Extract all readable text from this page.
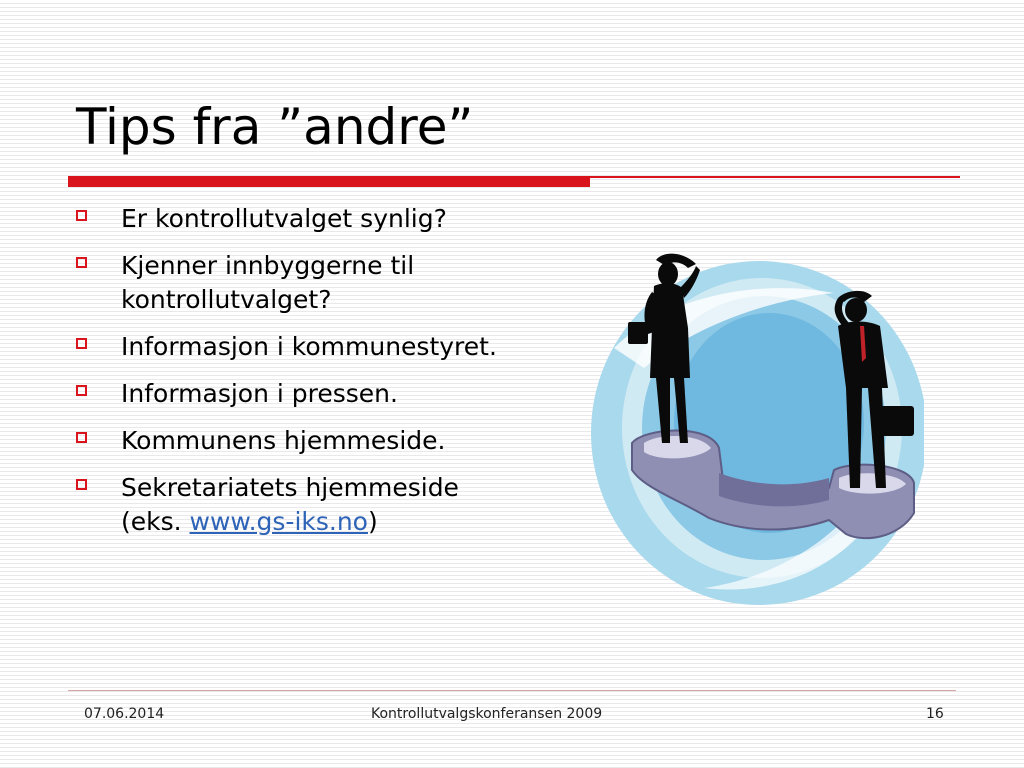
Tips fra ”andre”
Er kontrollutvalget synlig?
Kjenner innbyggerne til kontrollutvalget?
Informasjon i kommunestyret.
Informasjon i pressen.
Kommunens hjemmeside.
Sekretariatets hjemmeside (eks. www.gs-iks.no)
07.06.2014	Kontrollutvalgskonferansen 2009	16
